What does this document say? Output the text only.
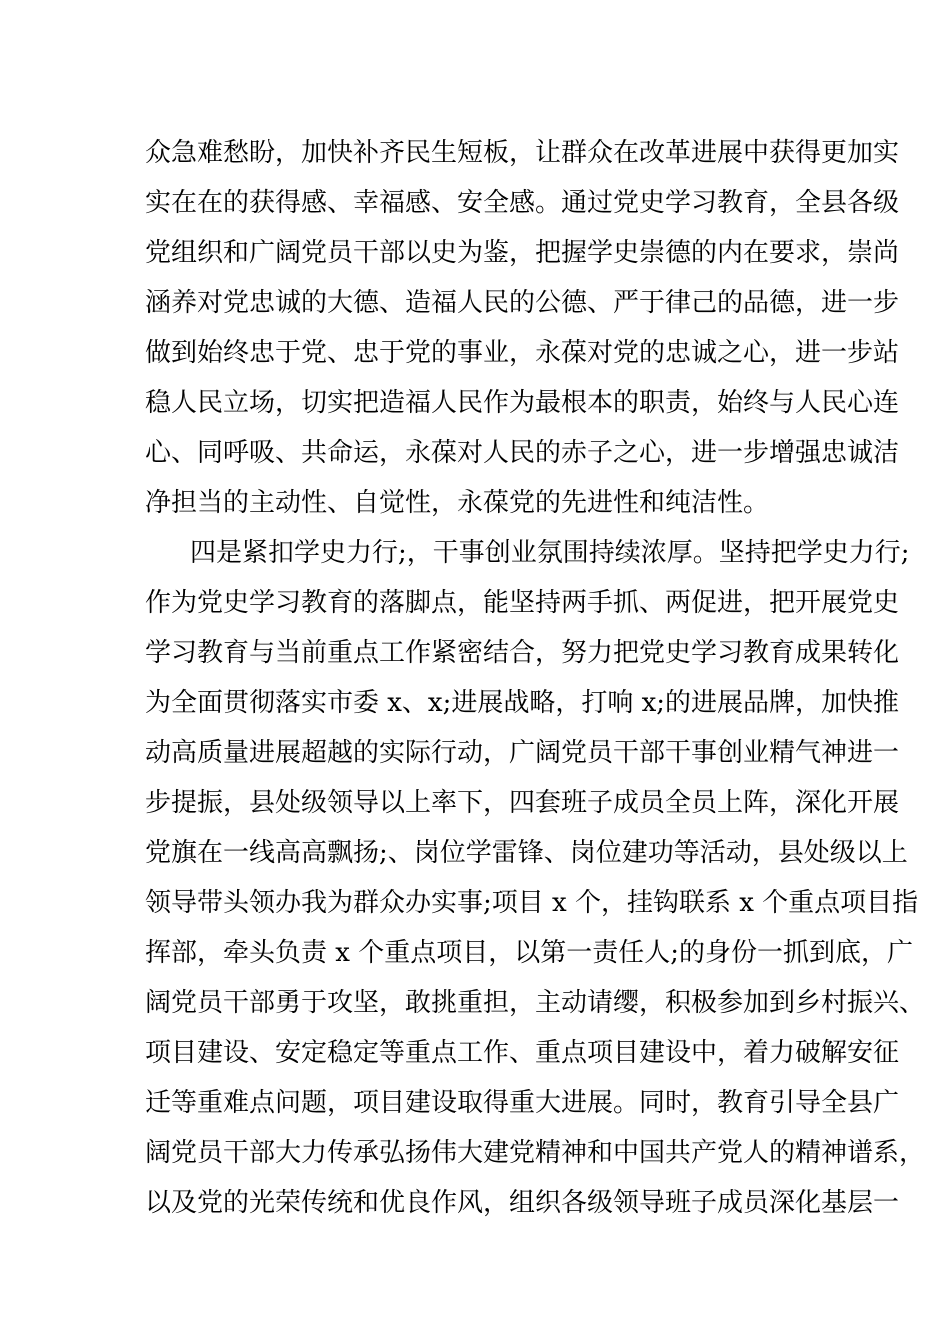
众急难愁盼，加快补齐民生短板，让群众在改革进展中获得更加实
实在在的获得感、幸福感、安全感。通过党史学习教育，全县各级
党组织和广阔党员干部以史为鉴，把握学史崇德的内在要求，崇尚
涵养对党忠诚的大德、造福人民的公德、严于律己的品德，进一步
做到始终忠于党、忠于党的事业，永葆对党的忠诚之心，进一步站
稳人民立场，切实把造福人民作为最根本的职责，始终与人民心连
心、同呼吸、共命运，永葆对人民的赤子之心，进一步增强忠诚洁
净担当的主动性、自觉性，永葆党的先进性和纯洁性。
四是紧扣学史力行;，干事创业氛围持续浓厚。坚持把学史力行;
作为党史学习教育的落脚点，能坚持两手抓、两促进，把开展党史
学习教育与当前重点工作紧密结合，努力把党史学习教育成果转化
为全面贯彻落实市委 x、x;进展战略，打响 x;的进展品牌，加快推
动高质量进展超越的实际行动，广阔党员干部干事创业精气神进一
步提振，县处级领导以上率下，四套班子成员全员上阵，深化开展
党旗在一线高高飘扬;、岗位学雷锋、岗位建功等活动，县处级以上
领导带头领办我为群众办实事;项目 x 个，挂钩联系 x 个重点项目指
挥部，牵头负责 x 个重点项目，以第一责任人;的身份一抓到底，广
阔党员干部勇于攻坚，敢挑重担，主动请缨，积极参加到乡村振兴、
项目建设、安定稳定等重点工作、重点项目建设中，着力破解安征
迁等重难点问题，项目建设取得重大进展。同时，教育引导全县广
阔党员干部大力传承弘扬伟大建党精神和中国共产党人的精神谱系，
以及党的光荣传统和优良作风，组织各级领导班子成员深化基层一
